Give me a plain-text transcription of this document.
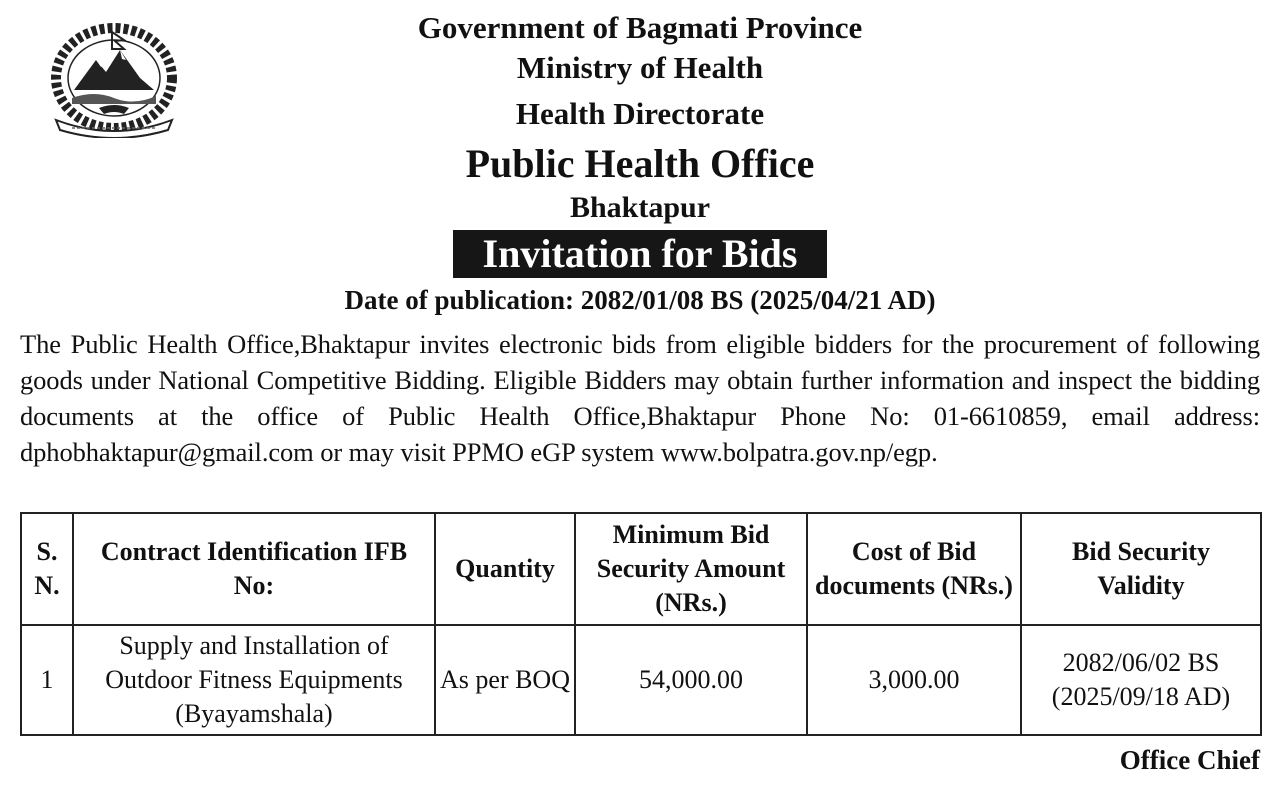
Government of Bagmati Province
Ministry of Health
Health Directorate
Public Health Office
Bhaktapur
Invitation for Bids
Date of publication: 2082/01/08 BS (2025/04/21 AD)
The Public Health Office,Bhaktapur invites electronic bids from eligible bidders for the procurement of following goods under National Competitive Bidding. Eligible Bidders may obtain further information and inspect the bidding documents at the office of Public Health Office,Bhaktapur Phone No: 01-6610859, email address: dphobhaktapur@gmail.com or may visit PPMO eGP system www.bolpatra.gov.np/egp.
S. N.	Contract Identification IFB No:	Quantity	Minimum Bid Security Amount (NRs.)	Cost of Bid documents (NRs.)	Bid Security Validity
1	Supply and Installation of Outdoor Fitness Equipments (Byayamshala)	As per BOQ	54,000.00	3,000.00	2082/06/02 BS (2025/09/18 AD)
Office Chief
